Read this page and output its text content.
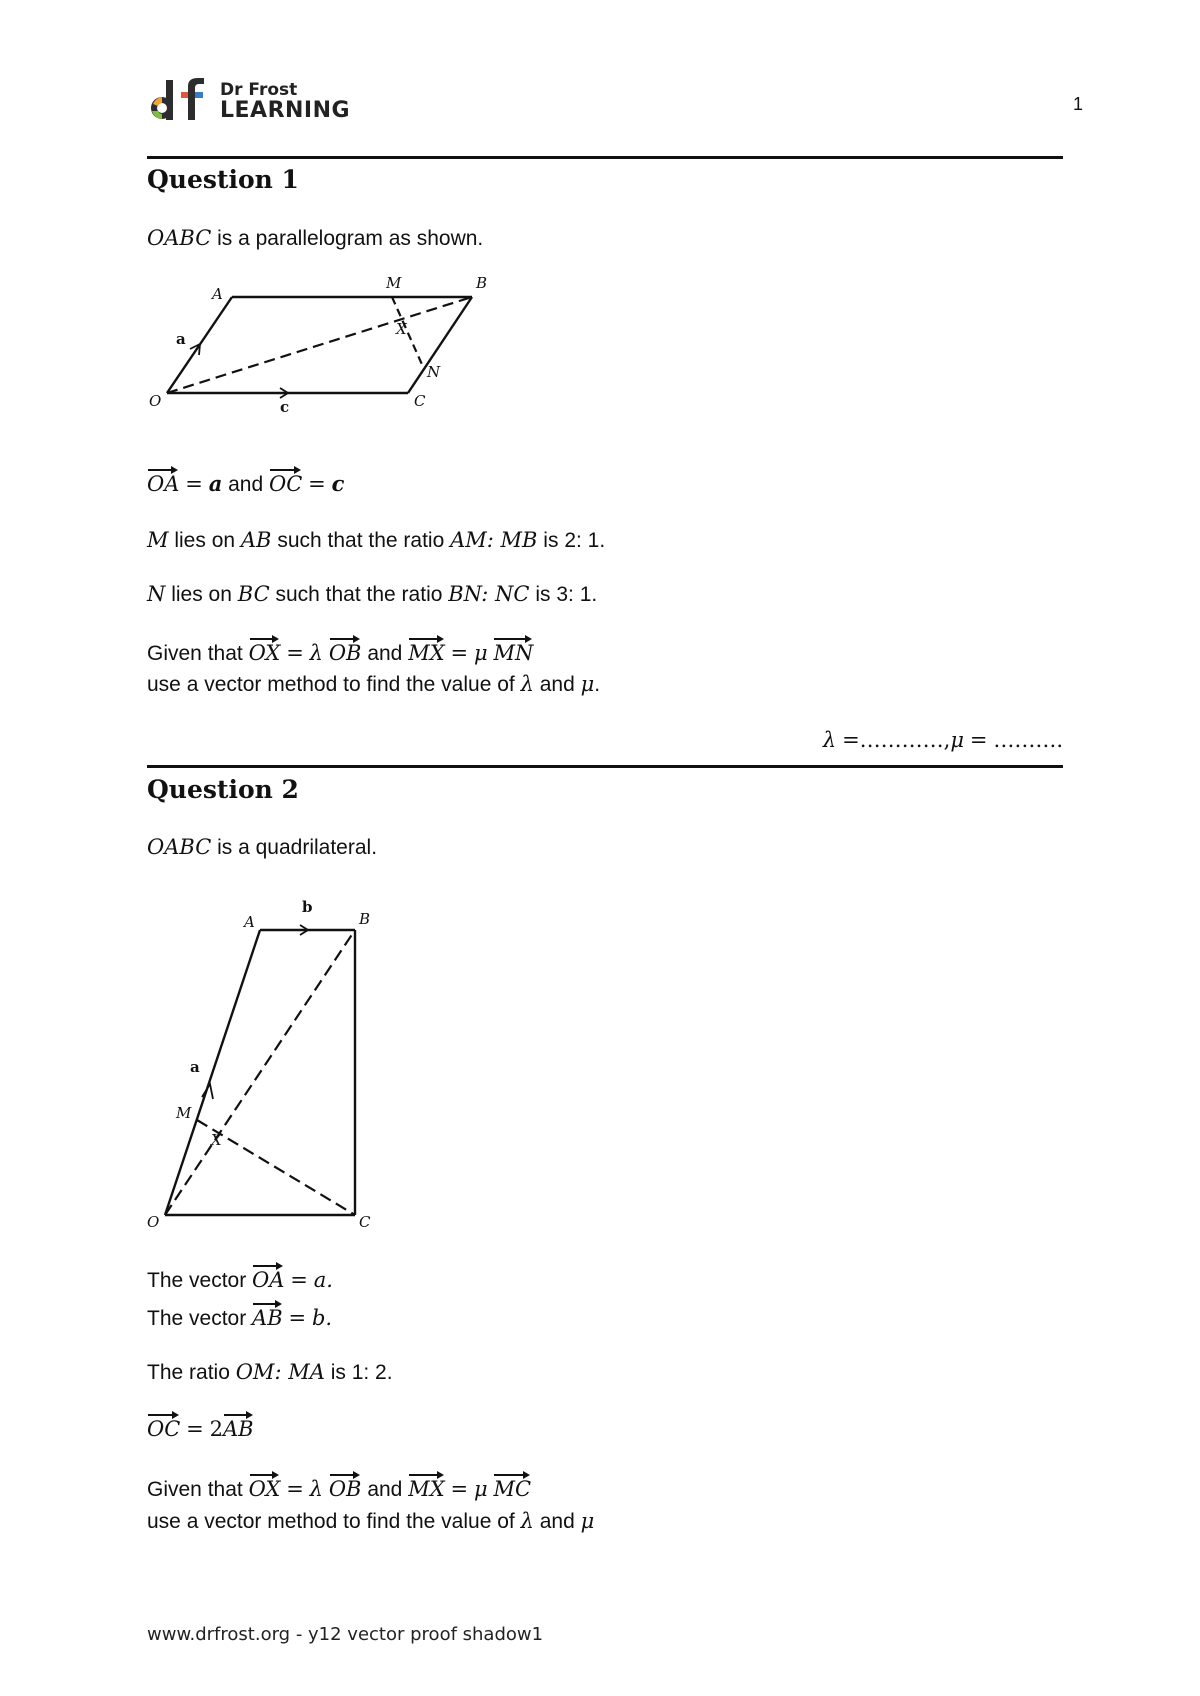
Dr Frost
LEARNING	1
Question 1
OABC is a parallelogram as shown.
O
A
B
C
M
N
X
a
c
OA = a and OC = c
M lies on AB such that the ratio AM: MB is 2: 1.
N lies on BC such that the ratio BN: NC is 3: 1.
Given that OX = λ OB and MX = μ MN
use a vector method to find the value of λ and μ.
λ =…………,μ = ……….
Question 2
OABC is a quadrilateral.
O
A	B
C
M
X
a
b
The vector OA = a.
The vector AB = b.
The ratio OM: MA is 1: 2.
OC = 2AB
Given that OX = λ OB and MX = μ MC
use a vector method to find the value of λ and μ
www.drfrost.org - y12 vector proof shadow1
